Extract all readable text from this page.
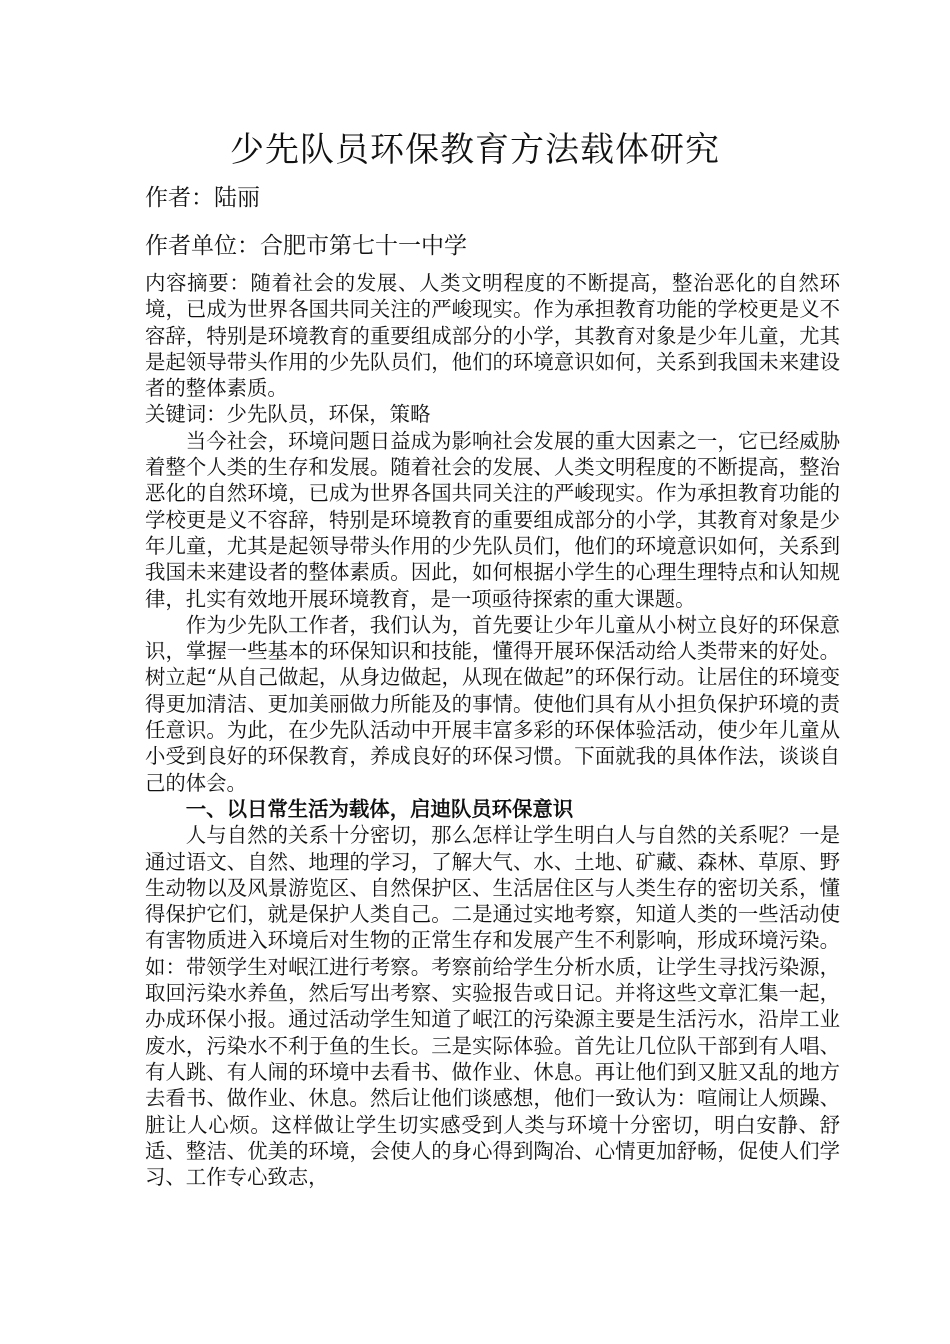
少先队员环保教育方法载体研究

作者：陆丽

作者单位：合肥市第七十一中学

内容摘要：随着社会的发展、人类文明程度的不断提高，整治恶化的自然环境，已成为世界各国共同关注的严峻现实。作为承担教育功能的学校更是义不容辞，特别是环境教育的重要组成部分的小学，其教育对象是少年儿童，尤其是起领导带头作用的少先队员们，他们的环境意识如何，关系到我国未来建设者的整体素质。

关键词：少先队员，环保，策略

当今社会，环境问题日益成为影响社会发展的重大因素之一，它已经威胁着整个人类的生存和发展。随着社会的发展、人类文明程度的不断提高，整治恶化的自然环境，已成为世界各国共同关注的严峻现实。作为承担教育功能的学校更是义不容辞，特别是环境教育的重要组成部分的小学，其教育对象是少年儿童，尤其是起领导带头作用的少先队员们，他们的环境意识如何，关系到我国未来建设者的整体素质。因此，如何根据小学生的心理生理特点和认知规律，扎实有效地开展环境教育，是一项亟待探索的重大课题。

作为少先队工作者，我们认为，首先要让少年儿童从小树立良好的环保意识，掌握一些基本的环保知识和技能，懂得开展环保活动给人类带来的好处。树立起“从自己做起，从身边做起，从现在做起”的环保行动。让居住的环境变得更加清洁、更加美丽做力所能及的事情。使他们具有从小担负保护环境的责任意识。为此，在少先队活动中开展丰富多彩的环保体验活动，使少年儿童从小受到良好的环保教育，养成良好的环保习惯。下面就我的具体作法，谈谈自己的体会。

一、以日常生活为载体，启迪队员环保意识

人与自然的关系十分密切，那么怎样让学生明白人与自然的关系呢？一是通过语文、自然、地理的学习，了解大气、水、土地、矿藏、森林、草原、野生动物以及风景游览区、自然保护区、生活居住区与人类生存的密切关系，懂得保护它们，就是保护人类自己。二是通过实地考察，知道人类的一些活动使有害物质进入环境后对生物的正常生存和发展产生不利影响，形成环境污染。如：带领学生对岷江进行考察。考察前给学生分析水质，让学生寻找污染源，取回污染水养鱼，然后写出考察、实验报告或日记。并将这些文章汇集一起，办成环保小报。通过活动学生知道了岷江的污染源主要是生活污水，沿岸工业废水，污染水不利于鱼的生长。三是实际体验。首先让几位队干部到有人唱、有人跳、有人闹的环境中去看书、做作业、休息。再让他们到又脏又乱的地方去看书、做作业、休息。然后让他们谈感想，他们一致认为：喧闹让人烦躁、脏让人心烦。这样做让学生切实感受到人类与环境十分密切，明白安静、舒适、整洁、优美的环境，会使人的身心得到陶冶、心情更加舒畅，促使人们学习、工作专心致志，
